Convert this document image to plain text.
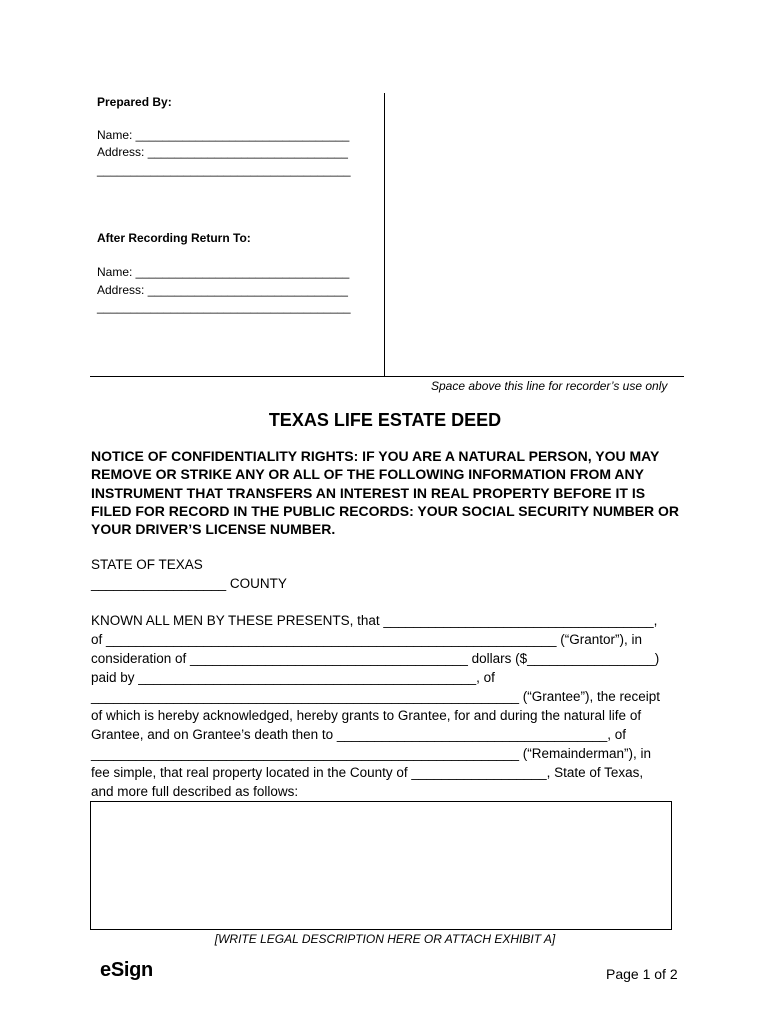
Prepared By:
Name: ________________________________
Address: ______________________________
______________________________________
After Recording Return To:
Name: ________________________________
Address: ______________________________
______________________________________
Space above this line for recorder’s use only
TEXAS LIFE ESTATE DEED
NOTICE OF CONFIDENTIALITY RIGHTS: IF YOU ARE A NATURAL PERSON, YOU MAY REMOVE OR STRIKE ANY OR ALL OF THE FOLLOWING INFORMATION FROM ANY INSTRUMENT THAT TRANSFERS AN INTEREST IN REAL PROPERTY BEFORE IT IS FILED FOR RECORD IN THE PUBLIC RECORDS: YOUR SOCIAL SECURITY NUMBER OR YOUR DRIVER’S LICENSE NUMBER.
STATE OF TEXAS
__________________ COUNTY
KNOWN ALL MEN BY THESE PRESENTS, that ____________________________________,
of ____________________________________________________________ (“Grantor”), in
consideration of _____________________________________ dollars ($_________________)
paid by _____________________________________________, of
_________________________________________________________ (“Grantee”), the receipt
of which is hereby acknowledged, hereby grants to Grantee, for and during the natural life of
Grantee, and on Grantee’s death then to ____________________________________, of
_________________________________________________________ (“Remainderman”), in
fee simple, that real property located in the County of __________________, State of Texas,
and more full described as follows:
[WRITE LEGAL DESCRIPTION HERE OR ATTACH EXHIBIT A]
eSign	Page 1 of 2
